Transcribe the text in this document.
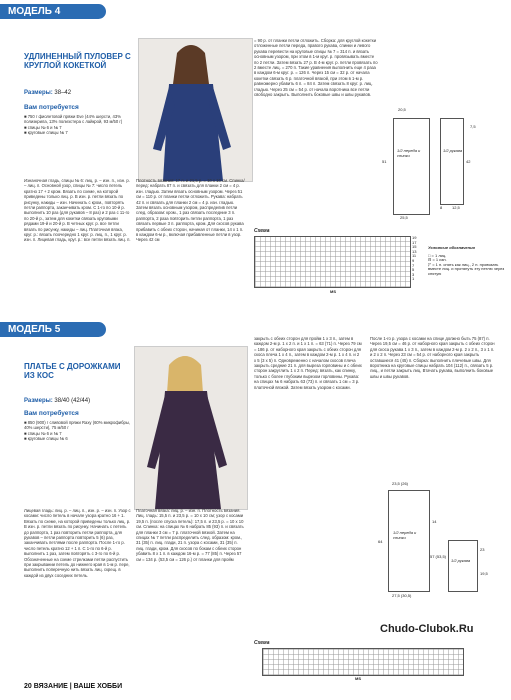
МОДЕЛЬ 4
УДЛИНЕННЫЙ ПУЛОВЕР С КРУГЛОЙ КОКЕТКОЙ
Размеры: 38–42
Вам потребуется
■ 750 г фиолетовой пряжи Eve (44% шерсти, 43% полиэкрила, 13% полиэстера с лайкрой, 93 м/50 г)
■ спицы № 6 и № 7
■ круговые спицы № 7
Изнаночная гладь, спицы № 6: лиц. р. – изн. п., изн. р. – лиц. п. Основной узор, спицы № 7: число петель кратно 17 + 2 кром. Вязать по схеме, на которой приведены только лиц. р. В изн. р. петли вязать по рисунку, накиды – изн. Начинать с кром., повторять петли раппорта, заканчивать кром. С 1-го по 10-й р. выполнить 10 раз (для рукавов – 8 раз) и 2 раз с 11-го по 20-й р., затем для кокетки связать круговыми рядами 19-й и 20-й р. В четных круг. р. все петли вязать по рисунку, накиды – лиц. Платочная вязка, круг. р.: вязать поочередно 1 круг. р. лиц. п., 1 круг. р. изн. п. Лицевая гладь, круг. р.: все петли вязать лиц. п.
Плотность вязания: 17 п. и 21,5 р. = 10 х 10 см. Спинка/перед: набрать 87 п. и связать для планки 2 см = 4 р. изн. гладью. Затем вязать основным узором. Через 51 см = 110 р. от планки петли отложить. Рукава: набрать 42 п. и связать для планки 2 см = 4 р. изн. гладью. Затем вязать основным узором, распределив петли след. образом: кром., 1 раз связать последние 3 п. раппорта, 2 раза повторить петли раппорта, 1 раз связать первые 3 п. раппорта, кром. Для скосов рукава прибавить с обеих сторон, начиная от планки, 14 х 1 п. в каждом 6-м р., включая прибавленные петли в узор. Через 42 см
= 90 р. от планки петли отложить. Сборка: для круглой кокетки отложенные петли переда, правого рукава, спинки и левого рукава перевести на круговые спицы № 7 = 314 п. и вязать основным узором, при этом в 1-м круг. р. провязывать вместе по 2 петли. Затем вязать 27 р. В 4-м круг. р. петли провязать по 2 вместе лиц. = 270 п. Такие уравнения выполнить еще 4 раза в каждом 6-м круг. р. = 126 п. Через 15 см = 32 р. от начала кокетки связать 6 р. платочной вязкой, при этом в 1-м р. равномерно убавить 6 п. = 84 п. Затем связать 8 круг. р. лиц. гладью. Через 25 см = 54 р. от начала воротника все петли свободно закрыть. Выполнить боковые швы и швы рукавов.
1/2 переда и спинки
1/2 рукава
20,5
7,5
51
25,5
42
8 12,5
Схема
MS
19
17
15
13
11
9
7
5
3
1
Условные обозначения
□ = 1 лиц.
⊟ = 1 изн.
◸ = 1 п. снять как лиц., 2 п. провязать вместе лиц. и протянуть эту петлю через снятую
МОДЕЛЬ 5
ПЛАТЬЕ С ДОРОЖКАМИ ИЗ КОС
Размеры: 38/40 (42/44)
Вам потребуется
■ 850 (900) г сливовой пряжи Raxy (60% микрофибры, 40% шерсти), 75 м/50 г
■ спицы № 6 и № 7
■ круговые спицы № 6
Лицевая гладь: лиц. р. – лиц. п., изн. р. – изн. п. Узор с косами: число петель в начале узора кратно 16 + 1. Вязать по схеме, на которой приведены только лиц. р. В изн. р. петли вязать по рисунку. Начинать с петель до раппорта, 1 раз повторить петли раппорта, для рукавов – петли раппорта повторить 5 (6) раз, заканчивать петлями после раппорта. После 1-го р. число петель кратно 12 + 1 п. С 1-го по 6-й р. выполнить 1 раз, затем повторять с 3-го по 6-й р. Обозначенные на схеме стрелками петли распустить при закрывании петель до нижнего края в 1-м р. пере, выполнить поперечную нить вязать лиц. скрещ. в каждой из двух соседних петель.
Платочная вязка: лиц. р. – изн. п. Плотность вязания. Лиц. гладь: 15,5 п. и 23,5 р. = 10 х 10 см; узор с косами 19,5 п. (после спуска петель): 17,5 п. и 23,5 р. = 10 х 10 см. Спинка: на спицах № 6 набрать 85 (93) п. и связать для планки 3 см = 7 р. платочной вязкой. Затем на спицах № 7 петли распределить след. образом: кром., 31 (35) п. лиц. глади, 21 п. узора с косами, 31 (35) п. лиц. глади, кром. Для скосов по бокам с обеих сторон убавить 8 х 1 п. в каждом 16-м р. = 77 (85) п. Через 57 см = 134 р. (53,5 см = 126 р.) от планки для пройм
закрыть с обеих сторон для пройм 1 х 3 п., затем в каждом 2-м р. 1 х 2 п. и 1 х 1 п. = 63 (71) п. Через 79 см = 186 р. от наборного края закрыть с обеих сторон для скоса плеча 1 х 4 п., затем в каждом 2-м р. 1 х 4 п. и 2 х 5 (3 х 5) п. Одновременно с началом скосов плеча закрыть средние 21 п. для выреза горловины и с обеих сторон закруглить 1 х 2 п. Перед: вязать, как спинку, только с более глубоким вырезом горловины. Рукава: на спицах № 6 набрать 63 (73) п. и связать 1 см = 3 р. платочной вязкой. Затем вязать узором с косами.
После 1-го р. узора с косами на спице должно быть 75 (87) п. Через 19,5 см = 46 р. от наборного края закрыть с обеих сторон для скоса рукава 1 х 3 п., затем в каждом 2-м р. 2 х 2 п., 3 х 1 п. и 2 х 2 п. Через 23 см = 54 р. от наборного края закрыть оставшиеся 41 (45) п. Сборка: выполнить плечевые швы. Для воротника на круговые спицы набрать 104 (112) п., связать 5 р. лиц., и петли закрыть лиц. Втачать рукава, выполнить боковые швы и швы рукавов.
1/2 переда и спинки
1/2 рукава
23,5 (26)
14
57 (53,5)
64
23
19,5
27,5 (30,5)
Chudo-Clubok.Ru
Схема
MS
20 ВЯЗАНИЕ | ВАШЕ ХОББИ
